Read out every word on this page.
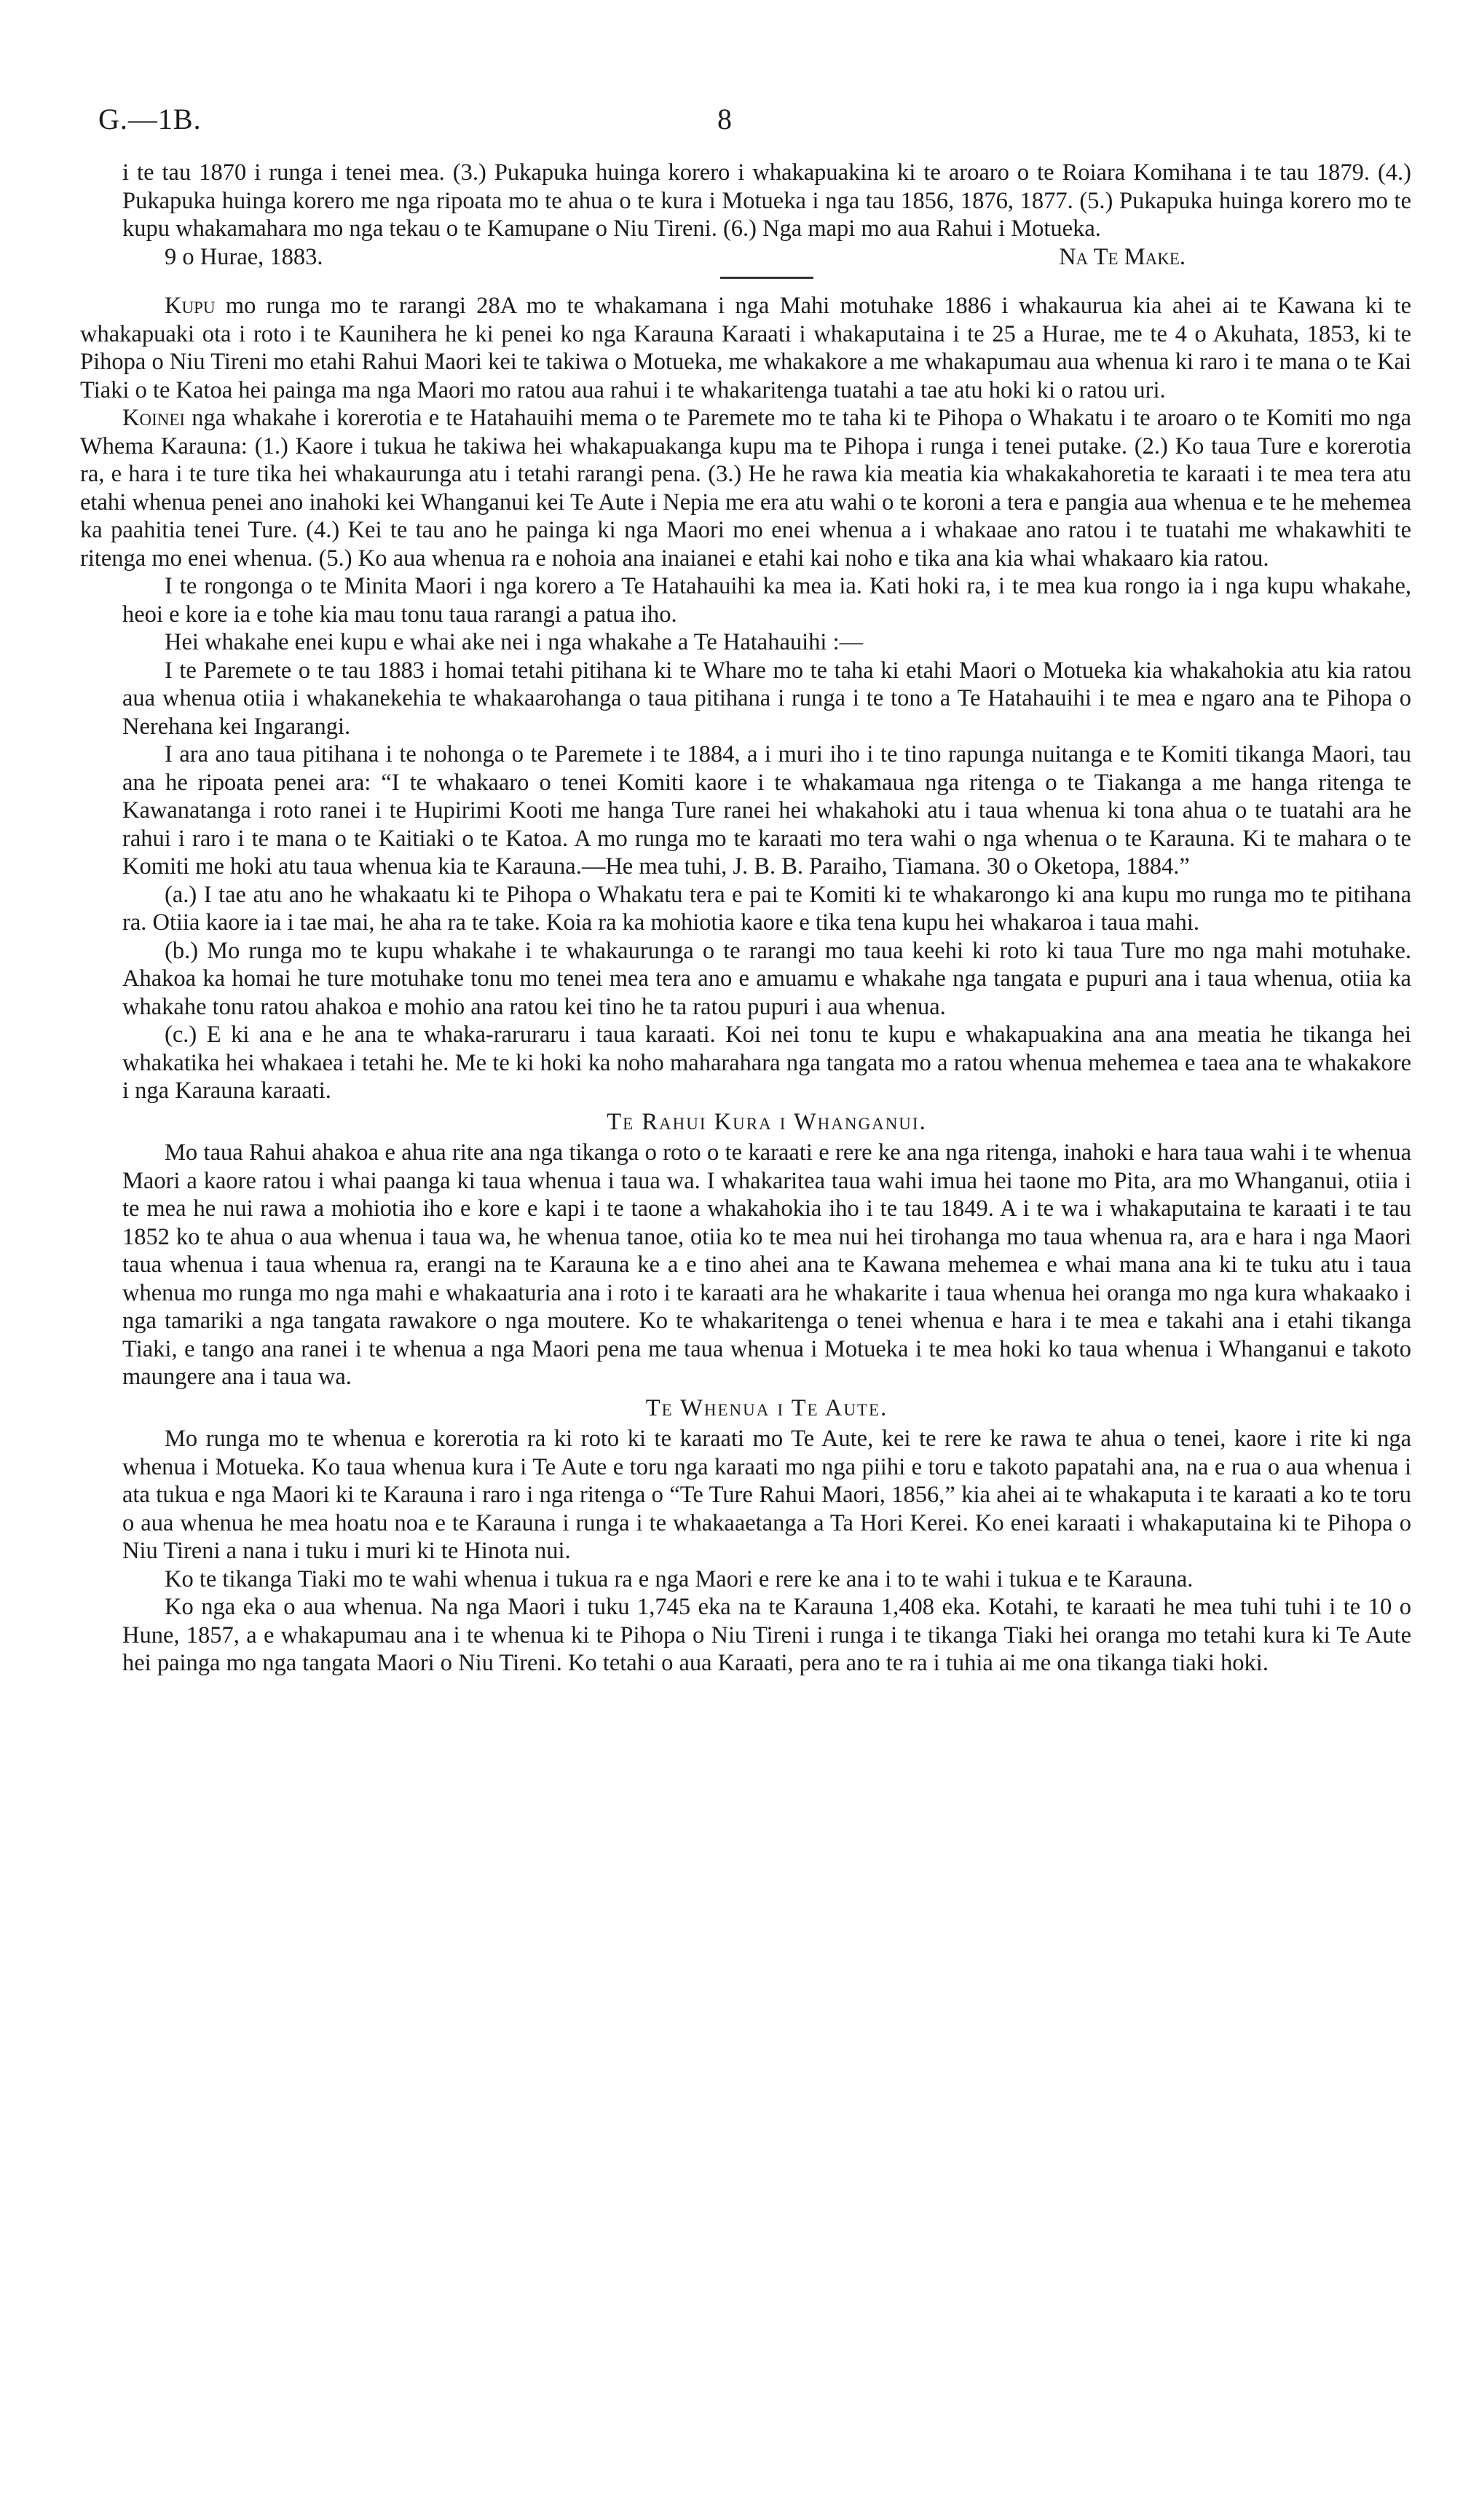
G.—1B.	8

i te tau 1870 i runga i tenei mea. (3.) Pukapuka huinga korero i whakapuakina ki te aroaro o te Roiara Komihana i te tau 1879. (4.) Pukapuka huinga korero me nga ripoata mo te ahua o te kura i Motueka i nga tau 1856, 1876, 1877. (5.) Pukapuka huinga korero mo te kupu whakamahara mo nga tekau o te Kamupane o Niu Tireni. (6.) Nga mapi mo aua Rahui i Motueka.

9 o Hurae, 1883.	Na Te Make.

Kupu mo runga mo te rarangi 28A mo te whakamana i nga Mahi motuhake 1886 i whakaurua kia ahei ai te Kawana ki te whakapuaki ota i roto i te Kaunihera he ki penei ko nga Karauna Karaati i whakaputaina i te 25 a Hurae, me te 4 o Akuhata, 1853, ki te Pihopa o Niu Tireni mo etahi Rahui Maori kei te takiwa o Motueka, me whakakore a me whakapumau aua whenua ki raro i te mana o te Kai Tiaki o te Katoa hei painga ma nga Maori mo ratou aua rahui i te whakaritenga tuatahi a tae atu hoki ki o ratou uri.

Koinei nga whakahe i korerotia e te Hatahauihi mema o te Paremete mo te taha ki te Pihopa o Whakatu i te aroaro o te Komiti mo nga Whema Karauna: (1.) Kaore i tukua he takiwa hei whakapuakanga kupu ma te Pihopa i runga i tenei putake. (2.) Ko taua Ture e korerotia ra, e hara i te ture tika hei whakaurunga atu i tetahi rarangi pena. (3.) He he rawa kia meatia kia whakakahoretia te karaati i te mea tera atu etahi whenua penei ano inahoki kei Whanganui kei Te Aute i Nepia me era atu wahi o te koroni a tera e pangia aua whenua e te he mehemea ka paahitia tenei Ture. (4.) Kei te tau ano he painga ki nga Maori mo enei whenua a i whakaae ano ratou i te tuatahi me whakawhiti te ritenga mo enei whenua. (5.) Ko aua whenua ra e nohoia ana inaianei e etahi kai noho e tika ana kia whai whakaaro kia ratou.

I te rongonga o te Minita Maori i nga korero a Te Hatahauihi ka mea ia. Kati hoki ra, i te mea kua rongo ia i nga kupu whakahe, heoi e kore ia e tohe kia mau tonu taua rarangi a patua iho.

Hei whakahe enei kupu e whai ake nei i nga whakahe a Te Hatahauihi :—

I te Paremete o te tau 1883 i homai tetahi pitihana ki te Whare mo te taha ki etahi Maori o Motueka kia whakahokia atu kia ratou aua whenua otiia i whakanekehia te whakaarohanga o taua pitihana i runga i te tono a Te Hatahauihi i te mea e ngaro ana te Pihopa o Nerehana kei Ingarangi.

I ara ano taua pitihana i te nohonga o te Paremete i te 1884, a i muri iho i te tino rapunga nuitanga e te Komiti tikanga Maori, tau ana he ripoata penei ara: “I te whakaaro o tenei Komiti kaore i te whakamaua nga ritenga o te Tiakanga a me hanga ritenga te Kawanatanga i roto ranei i te Hupirimi Kooti me hanga Ture ranei hei whakahoki atu i taua whenua ki tona ahua o te tuatahi ara he rahui i raro i te mana o te Kaitiaki o te Katoa. A mo runga mo te karaati mo tera wahi o nga whenua o te Karauna. Ki te mahara o te Komiti me hoki atu taua whenua kia te Karauna.—He mea tuhi, J. B. B. Paraiho, Tiamana. 30 o Oketopa, 1884.”

(a.) I tae atu ano he whakaatu ki te Pihopa o Whakatu tera e pai te Komiti ki te whakarongo ki ana kupu mo runga mo te pitihana ra. Otiia kaore ia i tae mai, he aha ra te take. Koia ra ka mohiotia kaore e tika tena kupu hei whakaroa i taua mahi.

(b.) Mo runga mo te kupu whakahe i te whakaurunga o te rarangi mo taua keehi ki roto ki taua Ture mo nga mahi motuhake. Ahakoa ka homai he ture motuhake tonu mo tenei mea tera ano e amuamu e whakahe nga tangata e pupuri ana i taua whenua, otiia ka whakahe tonu ratou ahakoa e mohio ana ratou kei tino he ta ratou pupuri i aua whenua.

(c.) E ki ana e he ana te whaka-raruraru i taua karaati. Koi nei tonu te kupu e whakapuakina ana ana meatia he tikanga hei whakatika hei whakaea i tetahi he. Me te ki hoki ka noho maharahara nga tangata mo a ratou whenua mehemea e taea ana te whakakore i nga Karauna karaati.

Te Rahui Kura i Whanganui.

Mo taua Rahui ahakoa e ahua rite ana nga tikanga o roto o te karaati e rere ke ana nga ritenga, inahoki e hara taua wahi i te whenua Maori a kaore ratou i whai paanga ki taua whenua i taua wa. I whakaritea taua wahi imua hei taone mo Pita, ara mo Whanganui, otiia i te mea he nui rawa a mohiotia iho e kore e kapi i te taone a whakahokia iho i te tau 1849. A i te wa i whakaputaina te karaati i te tau 1852 ko te ahua o aua whenua i taua wa, he whenua tanoe, otiia ko te mea nui hei tirohanga mo taua whenua ra, ara e hara i nga Maori taua whenua i taua whenua ra, erangi na te Karauna ke a e tino ahei ana te Kawana mehemea e whai mana ana ki te tuku atu i taua whenua mo runga mo nga mahi e whakaaturia ana i roto i te karaati ara he whakarite i taua whenua hei oranga mo nga kura whakaako i nga tamariki a nga tangata rawakore o nga moutere. Ko te whakaritenga o tenei whenua e hara i te mea e takahi ana i etahi tikanga Tiaki, e tango ana ranei i te whenua a nga Maori pena me taua whenua i Motueka i te mea hoki ko taua whenua i Whanganui e takoto maungere ana i taua wa.

Te Whenua i Te Aute.

Mo runga mo te whenua e korerotia ra ki roto ki te karaati mo Te Aute, kei te rere ke rawa te ahua o tenei, kaore i rite ki nga whenua i Motueka. Ko taua whenua kura i Te Aute e toru nga karaati mo nga piihi e toru e takoto papatahi ana, na e rua o aua whenua i ata tukua e nga Maori ki te Karauna i raro i nga ritenga o “Te Ture Rahui Maori, 1856,” kia ahei ai te whakaputa i te karaati a ko te toru o aua whenua he mea hoatu noa e te Karauna i runga i te whakaaetanga a Ta Hori Kerei. Ko enei karaati i whakaputaina ki te Pihopa o Niu Tireni a nana i tuku i muri ki te Hinota nui.

Ko te tikanga Tiaki mo te wahi whenua i tukua ra e nga Maori e rere ke ana i to te wahi i tukua e te Karauna.

Ko nga eka o aua whenua. Na nga Maori i tuku 1,745 eka na te Karauna 1,408 eka. Kotahi, te karaati he mea tuhi tuhi i te 10 o Hune, 1857, a e whakapumau ana i te whenua ki te Pihopa o Niu Tireni i runga i te tikanga Tiaki hei oranga mo tetahi kura ki Te Aute hei painga mo nga tangata Maori o Niu Tireni. Ko tetahi o aua Karaati, pera ano te ra i tuhia ai me ona tikanga tiaki hoki.
